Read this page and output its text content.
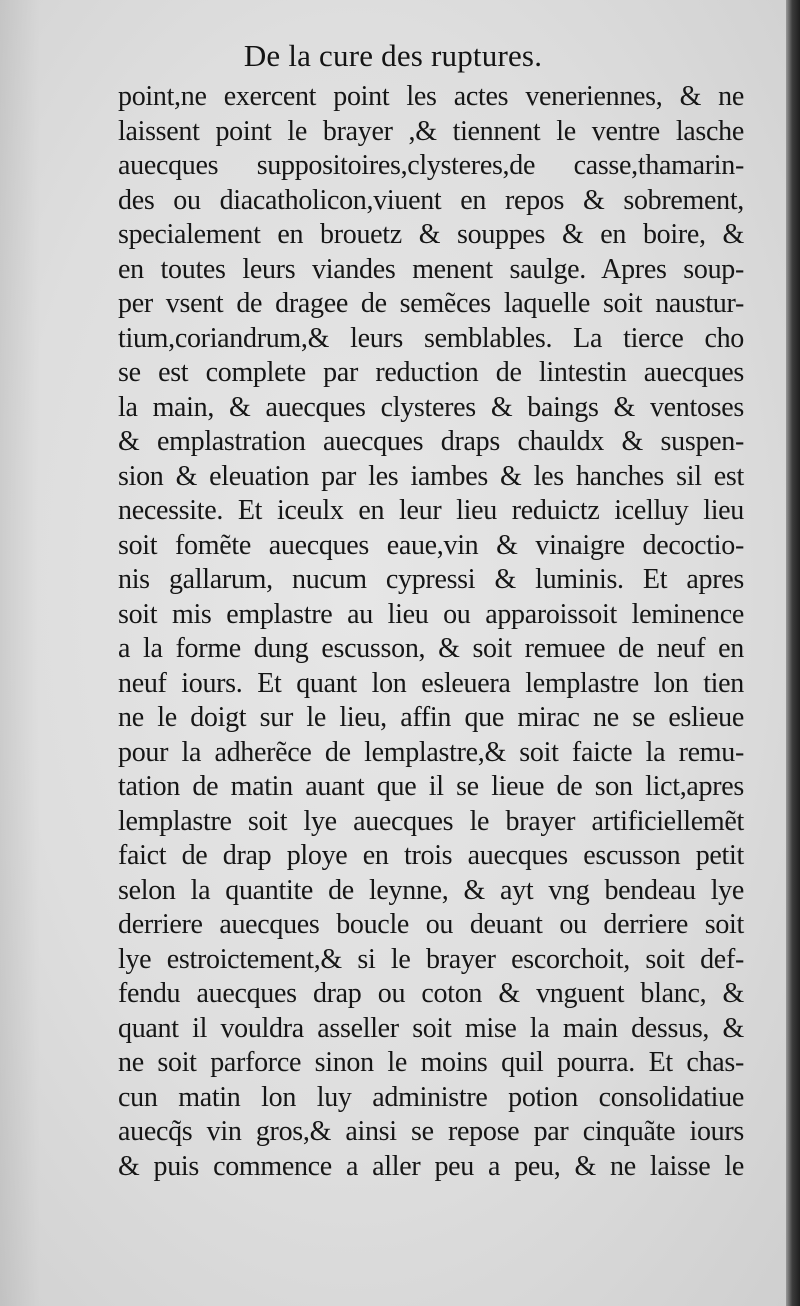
De la cure des ruptures.
point,ne exercent point les actes veneriennes, & ne
laissent point le brayer ,& tiennent le ventre lasche
auecques suppositoires,clysteres,de casse,thamarin-
des ou diacatholicon,viuent en repos & sobrement,
specialement en brouetz & souppes & en boire, &
en toutes leurs viandes menent saulge. Apres soup-
per vsent de dragee de semẽces laquelle soit naustur-
tium,coriandrum,& leurs semblables. La tierce cho
se est complete par reduction de lintestin auecques
la main, & auecques clysteres & baings & ventoses
& emplastration auecques draps chauldx & suspen-
sion & eleuation par les iambes & les hanches sil est
necessite. Et iceulx en leur lieu reduictz icelluy lieu
soit fomẽte auecques eaue,vin & vinaigre decoctio-
nis gallarum, nucum cypressi & luminis. Et apres
soit mis emplastre au lieu ou apparoissoit leminence
a la forme dung escusson, & soit remuee de neuf en
neuf iours. Et quant lon esleuera lemplastre lon tien
ne le doigt sur le lieu, affin que mirac ne se eslieue
pour la adherẽce de lemplastre,& soit faicte la remu-
tation de matin auant que il se lieue de son lict,apres
lemplastre soit lye auecques le brayer artificiellemẽt
faict de drap ploye en trois auecques escusson petit
selon la quantite de leynne, & ayt vng bendeau lye
derriere auecques boucle ou deuant ou derriere soit
lye estroictement,& si le brayer escorchoit, soit def-
fendu auecques drap ou coton & vnguent blanc, &
quant il vouldra asseller soit mise la main dessus, &
ne soit parforce sinon le moins quil pourra. Et chas-
cun matin lon luy administre potion consolidatiue
auecq̃s vin gros,& ainsi se repose par cinquãte iours
& puis commence a aller peu a peu, & ne laisse le
